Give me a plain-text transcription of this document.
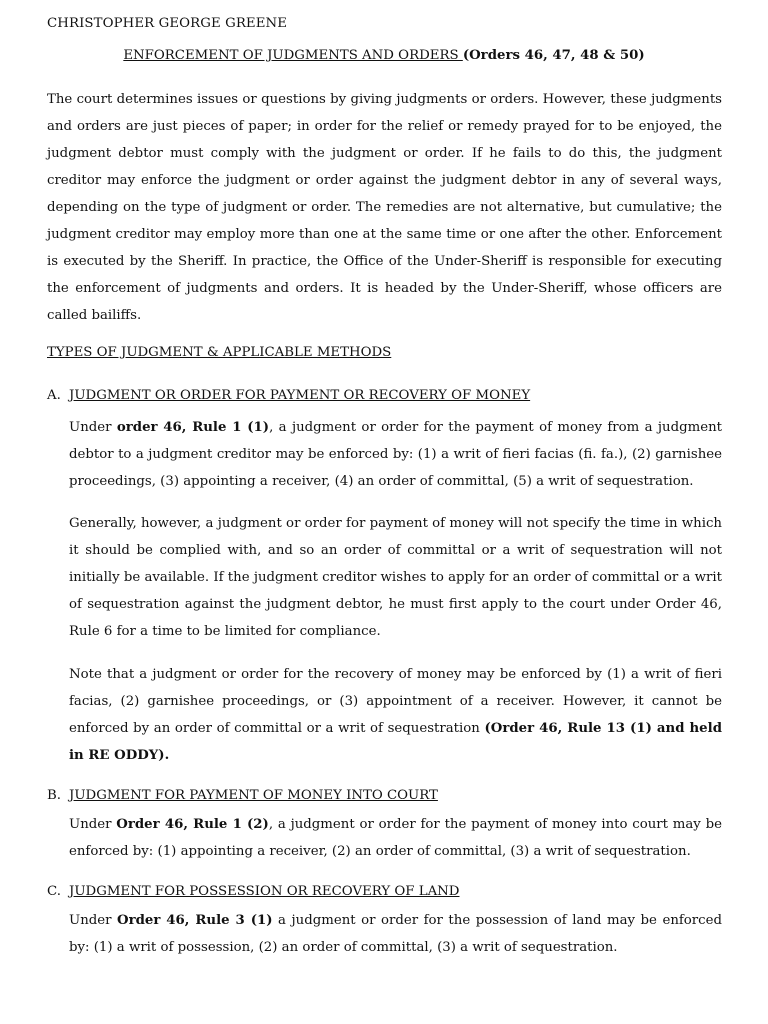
CHRISTOPHER GEORGE GREENE
ENFORCEMENT OF JUDGMENTS AND ORDERS (Orders 46, 47, 48 & 50)
The court determines issues or questions by giving judgments or orders. However, these judgments and orders are just pieces of paper; in order for the relief or remedy prayed for to be enjoyed, the judgment debtor must comply with the judgment or order. If he fails to do this, the judgment creditor may enforce the judgment or order against the judgment debtor in any of several ways, depending on the type of judgment or order. The remedies are not alternative, but cumulative; the judgment creditor may employ more than one at the same time or one after the other. Enforcement is executed by the Sheriff. In practice, the Office of the Under-Sheriff is responsible for executing the enforcement of judgments and orders. It is headed by the Under-Sheriff, whose officers are called bailiffs.
TYPES OF JUDGMENT & APPLICABLE METHODS
A. JUDGMENT OR ORDER FOR PAYMENT OR RECOVERY OF MONEY
Under order 46, Rule 1 (1), a judgment or order for the payment of money from a judgment debtor to a judgment creditor may be enforced by: (1) a writ of fieri facias (fi. fa.), (2) garnishee proceedings, (3) appointing a receiver, (4) an order of committal, (5) a writ of sequestration.
Generally, however, a judgment or order for payment of money will not specify the time in which it should be complied with, and so an order of committal or a writ of sequestration will not initially be available. If the judgment creditor wishes to apply for an order of committal or a writ of sequestration against the judgment debtor, he must first apply to the court under Order 46, Rule 6 for a time to be limited for compliance.
Note that a judgment or order for the recovery of money may be enforced by (1) a writ of fieri facias, (2) garnishee proceedings, or (3) appointment of a receiver. However, it cannot be enforced by an order of committal or a writ of sequestration (Order 46, Rule 13 (1) and held in RE ODDY).
B. JUDGMENT FOR PAYMENT OF MONEY INTO COURT
Under Order 46, Rule 1 (2), a judgment or order for the payment of money into court may be enforced by: (1) appointing a receiver, (2) an order of committal, (3) a writ of sequestration.
C. JUDGMENT FOR POSSESSION OR RECOVERY OF LAND
Under Order 46, Rule 3 (1) a judgment or order for the possession of land may be enforced by: (1) a writ of possession, (2) an order of committal, (3) a writ of sequestration.
